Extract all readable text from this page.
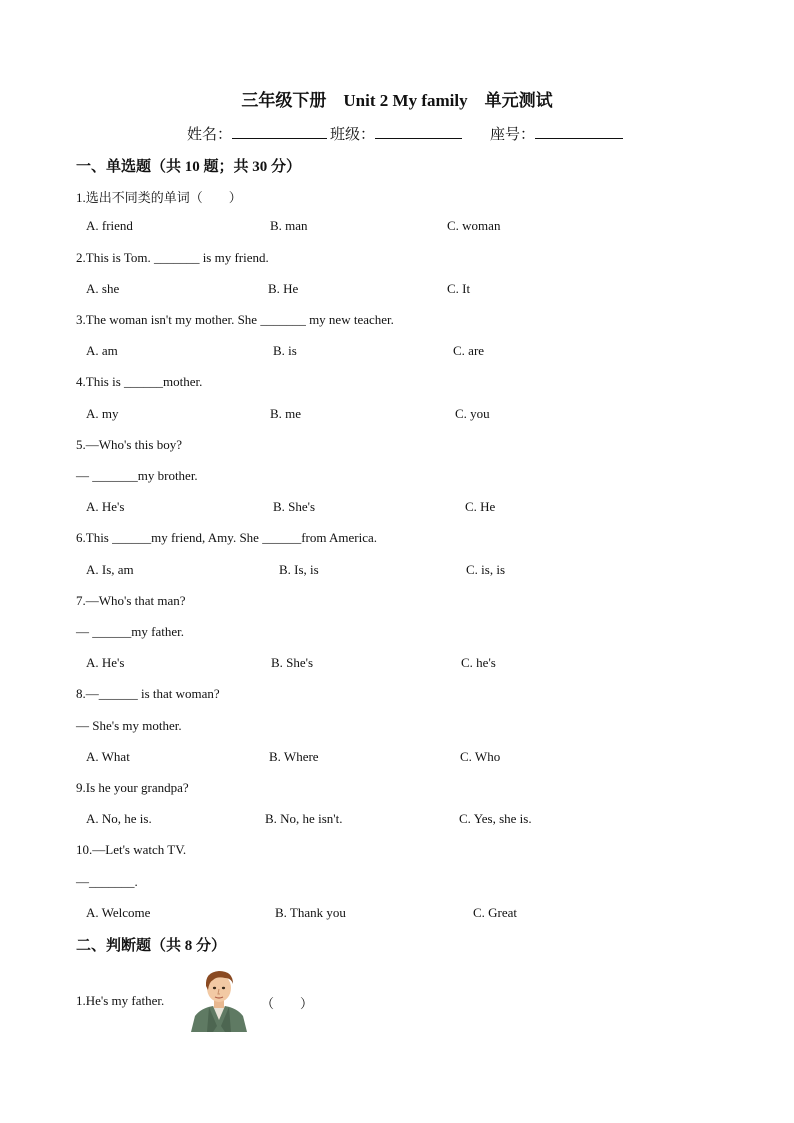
三年级下册　Unit 2 My family　单元测试
姓名：	班级：	座号：
一、单选题（共 10 题；共 30 分）
1.选出不同类的单词（　　）
A. friend	B. man	C. woman
2.This is Tom. _______ is my friend.
A. she	B. He	C. It
3.The woman isn't my mother. She _______ my new teacher.
A. am	B. is	C. are
4.This is ______mother.
A. my	B. me	C. you
5.—Who's this boy?
— _______my brother.
A. He's	B. She's	C. He
6.This ______my friend, Amy. She ______from America.
A. Is, am	B. Is, is	C. is, is
7.—Who's that man?
— ______my father.
A. He's	B. She's	C. he's
8.—______ is that woman?
— She's my mother.
A. What	B. Where	C. Who
9.Is he your grandpa?
A. No, he is.	B. No, he isn't.	C. Yes, she is.
10.—Let's watch TV.
—_______.
A. Welcome	B. Thank you	C. Great
二、判断题（共 8 分）
1.He's my father.	（　　）
